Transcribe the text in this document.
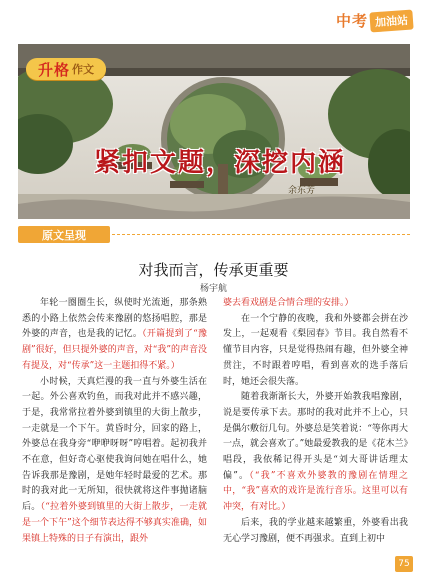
中考 加油站
升格 作文
紧扣文题，深挖内涵
余东芳
原文呈现
对我而言，传承更重要
杨宇航

年轮一圈圈生长，纵使时光流逝，那条熟悉的小路上依然会传来豫剧的悠扬唱腔，那是外婆的声音，也是我的记忆。（开篇提到了“豫剧”很好，但只提外婆的声音，对“我”的声音没有提及，对“传承”这一主题扣得不紧。）

小时候，天真烂漫的我一直与外婆生活在一起。外公喜欢钓鱼，而我对此并不感兴趣，于是，我常常拉着外婆到镇里的大街上散步，一走就是一个下午。黄昏时分，回家的路上，外婆总在我身旁“咿咿呀呀”哼唱着。起初我并不在意，但好奇心驱使我询问她在唱什么，她告诉我那是豫剧，是她年轻时最爱的艺术。那时的我对此一无所知，很快就将这件事抛诸脑后。（“拉着外婆到镇里的大街上散步，一走就是一个下午”这个细节表达得不够真实准确，如果镇上特殊的日子有演出，跟外

婆去看戏剧是合情合理的安排。）

在一个宁静的夜晚，我和外婆都会拼在沙发上，一起观看《梨园春》节目。我自然看不懂节目内容，只是觉得热闹有趣，但外婆全神贯注，不时跟着哼唱，看到喜欢的选手落后时，她还会很失落。

随着我渐渐长大，外婆开始教我唱豫剧，说是要传承下去。那时的我对此并不上心，只是偶尔敷衍几句。外婆总是笑着说：“等你再大一点，就会喜欢了。”她最爱教我的是《花木兰》唱段，我依稀记得开头是“刘大哥讲话理太偏”。（“我”不喜欢外婆教的豫剧在情理之中，“我”喜欢的戏许是流行音乐。这里可以有冲突，有对比。）

后来，我的学业越来越繁重，外婆看出我无心学习豫剧，便不再强求。直到上初中

75
